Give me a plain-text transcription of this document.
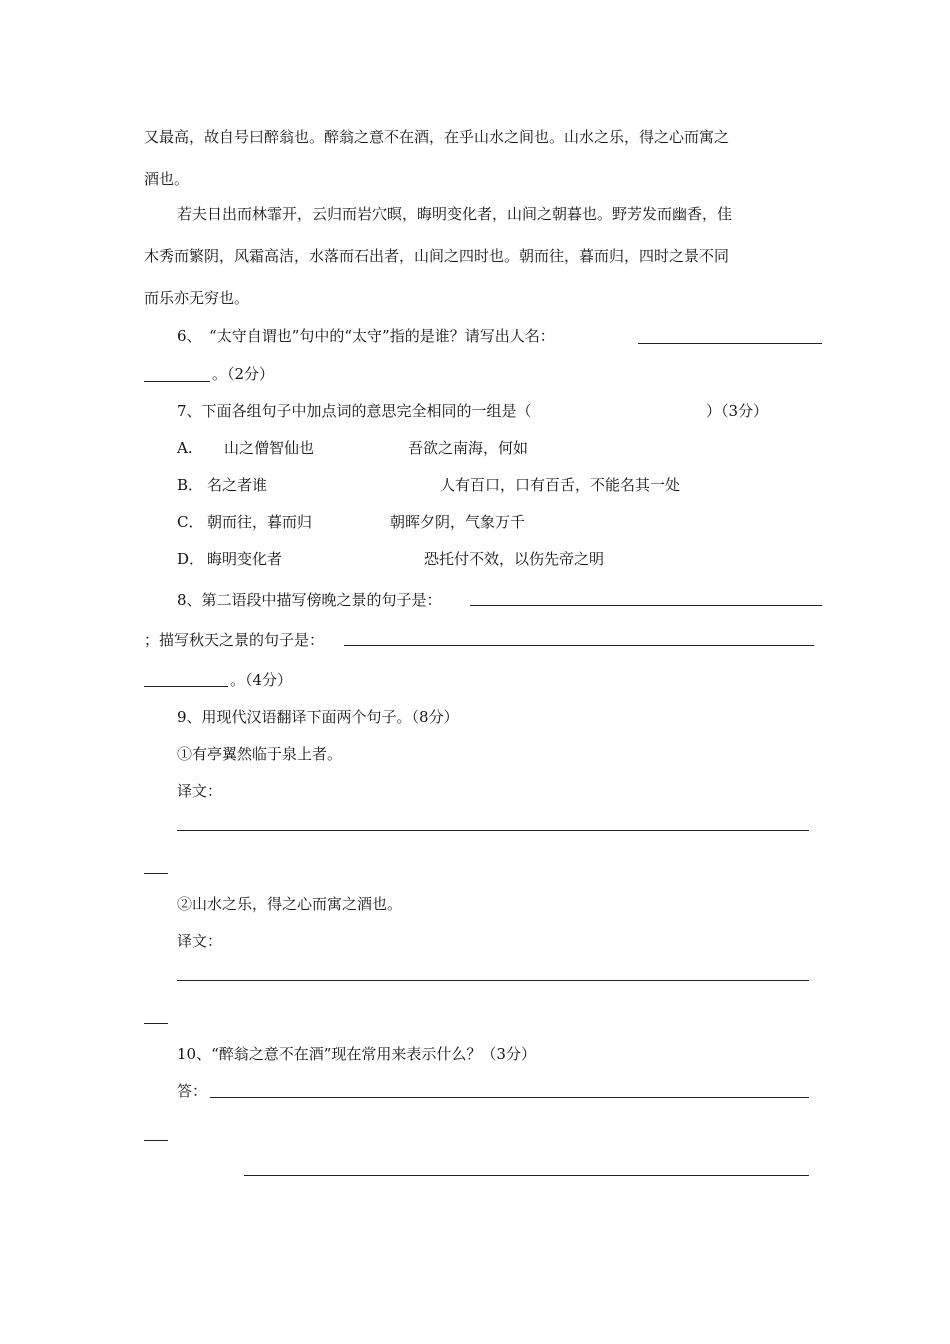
又最高，故自号曰醉翁也。醉翁之意不在酒，在乎山水之间也。山水之乐，得之心而寓之
酒也。
若夫日出而林霏开，云归而岩穴暝，晦明变化者，山间之朝暮也。野芳发而幽香，佳
木秀而繁阴，风霜高洁，水落而石出者，山间之四时也。朝而往，暮而归，四时之景不同
而乐亦无穷也。
6、　“太守自谓也”句中的“太守”指的是谁？请写出人名：
。（2分）
7、下面各组句子中加点词的意思完全相同的一组是（	）（3分）
A.　 山之僧智仙也	吾欲之南海，何如
B． 名之者谁	人有百口，口有百舌，不能名其一处
C． 朝而往，暮而归	朝晖夕阴，气象万千
D． 晦明变化者	恐托付不效，以伤先帝之明
8、第二语段中描写傍晚之景的句子是：
；描写秋天之景的句子是：
。（4分）
9、用现代汉语翻译下面两个句子。（8分）
①有亭翼然临于泉上者。
译文：
②山水之乐，得之心而寓之酒也。
译文：
10、“醉翁之意不在酒”现在常用来表示什么？（3分）
答：
